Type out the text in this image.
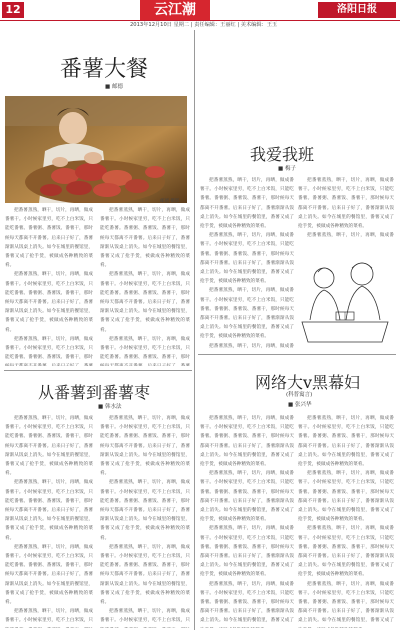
12	云江潮	洛阳日报
2013年12月10日 星期二 | 责任编辑：王丽红 | 美术编辑：王玉
番薯大餐
■ 邮德
邮德 摄影

把番薯蒸熟，晒干，切片，再晒，做成番薯干。小时候家里穷，吃不上白米饭，只能吃番薯。番薯粥、番薯饭、番薯干，那时候每天都离不开番薯。后来日子好了，番薯渐渐从饭桌上消失。如今在城里的餐馆里，番薯又成了抢手货，被做成各种精致的菜肴。

把番薯蒸熟，晒干，切片，再晒，做成番薯干。小时候家里穷，吃不上白米饭，只能吃番薯。番薯粥、番薯饭、番薯干，那时候每天都离不开番薯。后来日子好了，番薯渐渐从饭桌上消失。如今在城里的餐馆里，番薯又成了抢手货，被做成各种精致的菜肴。

把番薯蒸熟，晒干，切片，再晒，做成番薯干。小时候家里穷，吃不上白米饭，只能吃番薯。番薯粥、番薯饭、番薯干，那时

把番薯蒸熟，晒干，切片，再晒，做成番薯干。小时候家里穷，吃不上白米饭，只能吃番薯。番薯粥、番薯饭、番薯干，那时候每天都离不开番薯。后来日子好了，番薯渐渐从饭桌上消失。如今在城里的餐馆里，番薯又成了抢手货，被做成各种精致的菜肴。

把番薯蒸熟，晒干，切片，再晒，做成番薯干。小时候家里穷，吃不上白米饭，只能吃番薯。番薯粥、番薯饭、番薯干，那时候每天都离不开番薯。后来日子好了，番薯渐渐从饭桌上消失。如今在城里的餐馆里，番薯又成了抢手货，被做成各种精致的菜肴。

把番薯蒸熟，晒干，切片，再晒，做成番薯干。小时候家里穷，吃不上白米饭，只能吃番薯。番薯粥、番薯饭、番薯干，那时

从番薯到番薯枣
■ 韩水法

把番薯蒸熟，晒干，切片，再晒，做成番薯干。小时候家里穷，吃不上白米饭，只能吃番薯。番薯粥、番薯饭、番薯干，那时候每天都离不开番薯。后来日子好了，番薯渐渐从饭桌上消失。如今在城里的餐馆里，番薯又成了抢手货，被做成各种精致的菜肴。

把番薯蒸熟，晒干，切片，再晒，做成番薯干。小时候家里穷，吃不上白米饭，只能吃番薯。番薯粥、番薯饭、番薯干，那时候每天都离不开番薯。后来日子好了，番薯渐渐从饭桌上消失。如今在城里的餐馆里，番薯又成了抢手货，被做成各种精致的菜肴。

把番薯蒸熟，晒干，切片，再晒，做成番薯干。小时候家里穷，吃不上白米饭，只能吃番薯。番薯粥、番薯饭、番薯干，那时候每天都离不开番薯。后来日子好了，番薯渐渐从饭桌上消失。如今在城里的餐馆里，番薯又成了抢手货，被做成各种精致的菜肴。

把番薯蒸熟，晒干，切片，再晒，做成番薯干。小时候家里穷，吃不上白米饭，只

把番薯蒸熟，晒干，切片，再晒，做成番薯干。小时候家里穷，吃不上白米饭，只能吃番薯。番薯粥、番薯饭、番薯干，那时候每天都离不开番薯。后来日子好了，番薯渐渐从饭桌上消失。如今在城里的餐馆里，番薯又成了抢手货，被做成各种精致的菜肴。

把番薯蒸熟，晒干，切片，再晒，做成番薯干。小时候家里穷，吃不上白米饭，只能吃番薯。番薯粥、番薯饭、番薯干，那时候每天都离不开番薯。后来日子好了，番薯渐渐从饭桌上消失。如今在城里的餐馆里，番薯又成了抢手货，被做成各种精致的菜肴。

把番薯蒸熟，晒干，切片，再晒，做成番薯干。小时候家里穷，吃不上白米饭，只能吃番薯。番薯粥、番薯饭、番薯干，那时候每天都离不开番薯。后来日子好了，番薯渐渐从饭桌上消失。如今在城里的餐馆里，番薯又成了抢手货，被做成各种精致的菜肴。

把番薯蒸熟，晒干，切片，再晒，做成番薯干。小时候家里穷，吃不上白米饭，只

我爱我班
■ 梅子

把番薯蒸熟，晒干，切片，再晒，做成番薯干。小时候家里穷，吃不上白米饭，只能吃番薯。番薯粥、番薯饭、番薯干，那时候每天都离不开番薯。后来日子好了，番薯渐渐从饭桌上消失。如今在城里的餐馆里，番薯又成了抢手货，被做成各种精致的菜肴。

把番薯蒸熟，晒干，切片，再晒，做成番薯干。小时候家里穷，吃不上白米饭，只能吃番薯。番薯粥、番薯饭、番薯干，那时候每天都离不开番薯。后来日子好了，番薯渐渐从饭桌上消失。如今在城里的餐馆里，番薯又成了抢手货，被做成各种精致的菜肴。

把番薯蒸熟，晒干，切片，再晒，做成番薯干。小时候家里穷，吃不上白米饭，只能吃番薯。番薯粥、番薯饭、番薯干，那时候每天都离不开番薯。后来日子好了，番薯渐渐从饭桌上消失。如今在城里的餐馆里，番薯又成了抢手货，被做成各种精致的菜肴。

把番薯蒸熟，晒干，切片，再晒，做成番

把番薯蒸熟，晒干，切片，再晒，做成番薯干。小时候家里穷，吃不上白米饭，只能吃番薯。番薯粥、番薯饭、番薯干，那时候每天都离不开番薯。后来日子好了，番薯渐渐从饭桌上消失。如今在城里的餐馆里，番薯又成了抢手货，被做成各种精致的菜肴。

把番薯蒸熟，晒干，切片，再晒，做成番

网络大v黑幕妇
(科普寓言)
■ 张兴华

把番薯蒸熟，晒干，切片，再晒，做成番薯干。小时候家里穷，吃不上白米饭，只能吃番薯。番薯粥、番薯饭、番薯干，那时候每天都离不开番薯。后来日子好了，番薯渐渐从饭桌上消失。如今在城里的餐馆里，番薯又成了抢手货，被做成各种精致的菜肴。

把番薯蒸熟，晒干，切片，再晒，做成番薯干。小时候家里穷，吃不上白米饭，只能吃番薯。番薯粥、番薯饭、番薯干，那时候每天都离不开番薯。后来日子好了，番薯渐渐从饭桌上消失。如今在城里的餐馆里，番薯又成了抢手货，被做成各种精致的菜肴。

把番薯蒸熟，晒干，切片，再晒，做成番薯干。小时候家里穷，吃不上白米饭，只能吃番薯。番薯粥、番薯饭、番薯干，那时候每天都离不开番薯。后来日子好了，番薯渐渐从饭桌上消失。如今在城里的餐馆里，番薯又成了抢手货，被做成各种精致的菜肴。

把番薯蒸熟，晒干，切片，再晒，做成番薯干。小时候家里穷，吃不上白米饭，只能吃番薯。番薯粥、番薯饭、番薯干，那时候每天都离不开番薯。后来日子好了，番薯渐渐从饭桌上消失。如今在城里的餐馆里，番薯又成了

把番薯蒸熟，晒干，切片，再晒，做成番薯干。小时候家里穷，吃不上白米饭，只能吃番薯。番薯粥、番薯饭、番薯干，那时候每天都离不开番薯。后来日子好了，番薯渐渐从饭桌上消失。如今在城里的餐馆里，番薯又成了抢手货，被做成各种精致的菜肴。

把番薯蒸熟，晒干，切片，再晒，做成番薯干。小时候家里穷，吃不上白米饭，只能吃番薯。番薯粥、番薯饭、番薯干，那时候每天都离不开番薯。后来日子好了，番薯渐渐从饭桌上消失。如今在城里的餐馆里，番薯又成了抢手货，被做成各种精致的菜肴。

把番薯蒸熟，晒干，切片，再晒，做成番薯干。小时候家里穷，吃不上白米饭，只能吃番薯。番薯粥、番薯饭、番薯干，那时候每天都离不开番薯。后来日子好了，番薯渐渐从饭桌上消失。如今在城里的餐馆里，番薯又成了抢手货，被做成各种精致的菜肴。

把番薯蒸熟，晒干，切片，再晒，做成番薯干。小时候家里穷，吃不上白米饭，只能吃番薯。番薯粥、番薯饭、番薯干，那时候每天都离不开番薯。后来日子好了，番薯渐渐从饭桌上消失。如今在城里的餐馆里，番薯又成了
